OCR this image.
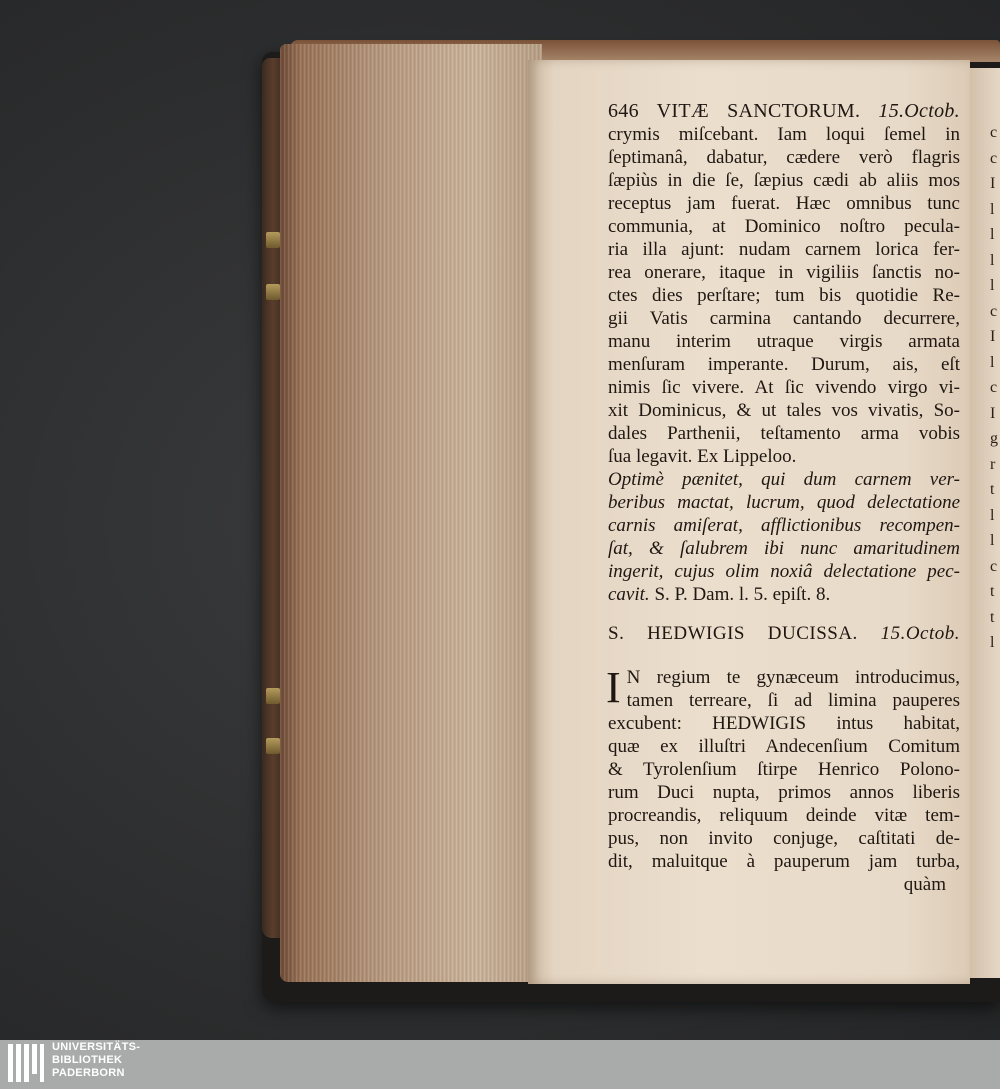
c
c
I
l
l
l
l
c
I
l
c
I
g
r
t
l
l
c
t
t
l
646 VITÆ SANCTORUM. 15.Octob.
crymis miſcebant. Iam loqui ſemel in
ſeptimanâ, dabatur, cædere verò flagris
ſæpiùs in die ſe, ſæpius cædi ab aliis mos
receptus jam fuerat. Hæc omnibus tunc
communia, at Dominico noſtro pecula-
ria illa ajunt: nudam carnem lorica fer-
rea onerare, itaque in vigiliis ſanctis no-
ctes dies perſtare; tum bis quotidie Re-
gii Vatis carmina cantando decurrere,
manu interim utraque virgis armata
menſuram imperante. Durum, ais, eſt
nimis ſic vivere. At ſic vivendo virgo vi-
xit Dominicus, & ut tales vos vivatis, So-
dales Parthenii, teſtamento arma vobis
ſua legavit. Ex Lippeloo.
Optimè pænitet, qui dum carnem ver-
beribus mactat, lucrum, quod delectatione
carnis amiſerat, afflictionibus recompen-
ſat, & ſalubrem ibi nunc amaritudinem
ingerit, cujus olim noxiâ delectatione pec-
cavit. S. P. Dam. l. 5. epiſt. 8.
S. HEDWIGIS DUCISSA. 15.Octob.
I N regium te gynæceum introducimus,
tamen terreare, ſi ad limina pauperes
excubent: HEDWIGIS intus habitat,
quæ ex illuſtri Andecenſium Comitum
& Tyrolenſium ſtirpe Henrico Polono-
rum Duci nupta, primos annos liberis
procreandis, reliquum deinde vitæ tem-
pus, non invito conjuge, caſtitati de-
dit, maluitque à pauperum jam turba,
quàm
UNIVERSITÄTS-
BIBLIOTHEK
PADERBORN
